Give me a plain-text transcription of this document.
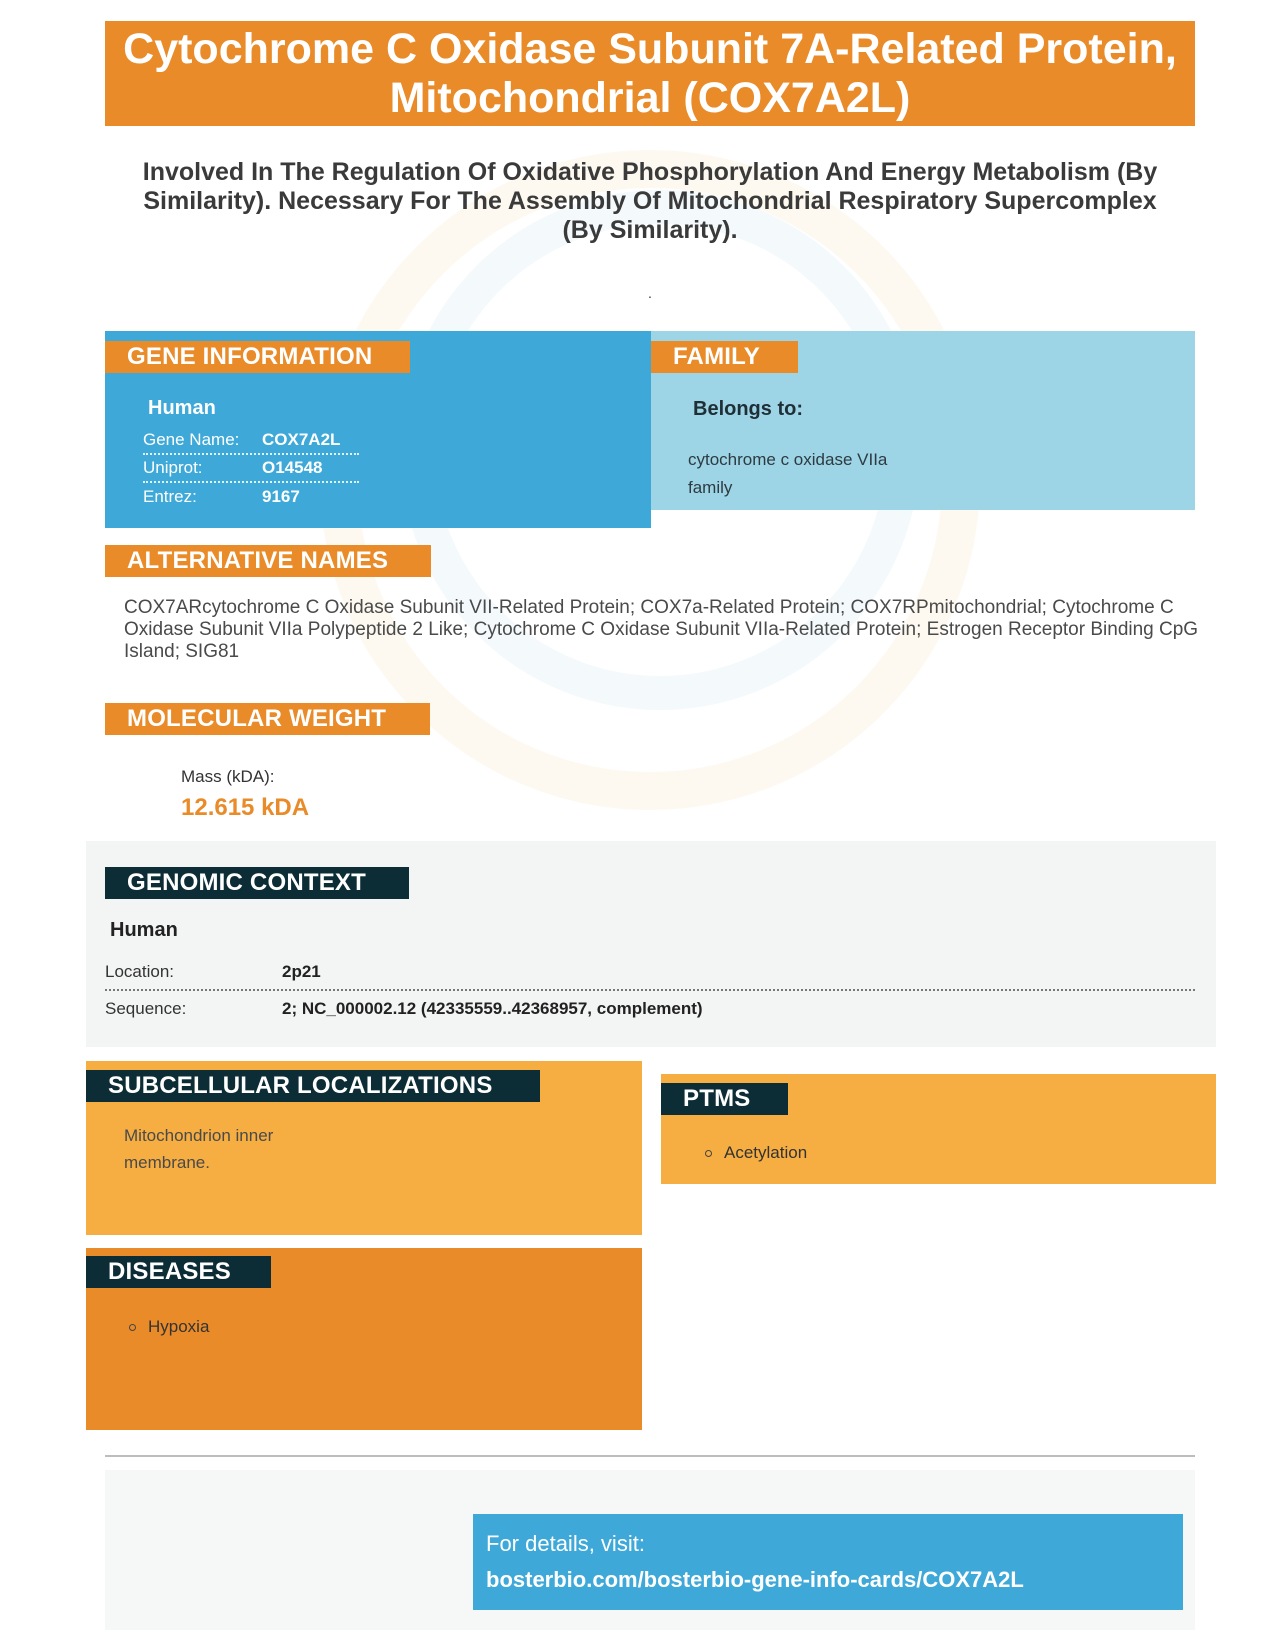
Cytochrome C Oxidase Subunit 7A-Related Protein, Mitochondrial (COX7A2L)
Involved In The Regulation Of Oxidative Phosphorylation And Energy Metabolism (By Similarity). Necessary For The Assembly Of Mitochondrial Respiratory Supercomplex (By Similarity).
.
GENE INFORMATION
Human
Gene Name:	COX7A2L
Uniprot:	O14548
Entrez:	9167
FAMILY
Belongs to:
cytochrome c oxidase VIIa family
ALTERNATIVE NAMES
COX7ARcytochrome C Oxidase Subunit VII-Related Protein; COX7a-Related Protein; COX7RPmitochondrial; Cytochrome C Oxidase Subunit VIIa Polypeptide 2 Like; Cytochrome C Oxidase Subunit VIIa-Related Protein; Estrogen Receptor Binding CpG Island; SIG81
MOLECULAR WEIGHT
Mass (kDA):
12.615 kDA
GENOMIC CONTEXT
Human
Location:	2p21
Sequence:	2; NC_000002.12 (42335559..42368957, complement)
SUBCELLULAR LOCALIZATIONS
Mitochondrion inner membrane.
PTMS
Acetylation
DISEASES
Hypoxia
For details, visit:
bosterbio.com/bosterbio-gene-info-cards/COX7A2L
